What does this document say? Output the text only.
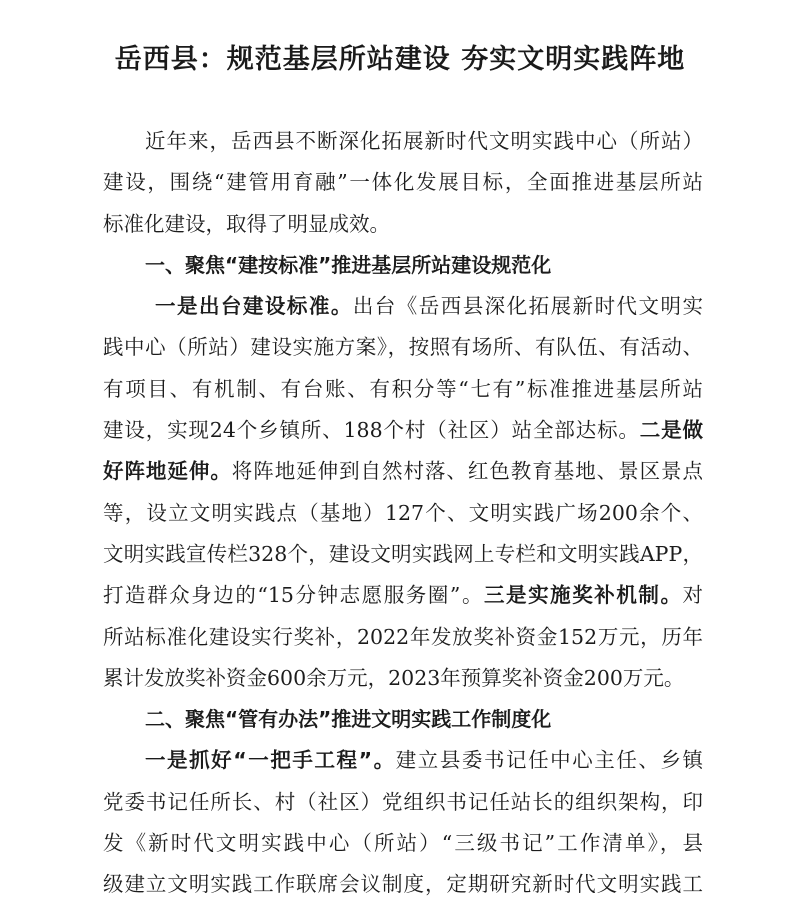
岳西县：规范基层所站建设 夯实文明实践阵地
近年来，岳西县不断深化拓展新时代文明实践中心（所站）
建设，围绕“建管用育融”一体化发展目标，全面推进基层所站
标准化建设，取得了明显成效。
一、聚焦“建按标准”推进基层所站建设规范化
一是出台建设标准。出台《岳西县深化拓展新时代文明实
践中心（所站）建设实施方案》，按照有场所、有队伍、有活动、
有项目、有机制、有台账、有积分等“七有”标准推进基层所站
建设，实现24个乡镇所、188个村（社区）站全部达标。二是做
好阵地延伸。将阵地延伸到自然村落、红色教育基地、景区景点
等，设立文明实践点（基地）127个、文明实践广场200余个、
文明实践宣传栏328个，建设文明实践网上专栏和文明实践APP，
打造群众身边的“15分钟志愿服务圈”。三是实施奖补机制。对
所站标准化建设实行奖补，2022年发放奖补资金152万元，历年
累计发放奖补资金600余万元，2023年预算奖补资金200万元。
二、聚焦“管有办法”推进文明实践工作制度化
一是抓好“一把手工程”。建立县委书记任中心主任、乡镇
党委书记任所长、村（社区）党组织书记任站长的组织架构，印
发《新时代文明实践中心（所站）“三级书记”工作清单》，县
级建立文明实践工作联席会议制度，定期研究新时代文明实践工
